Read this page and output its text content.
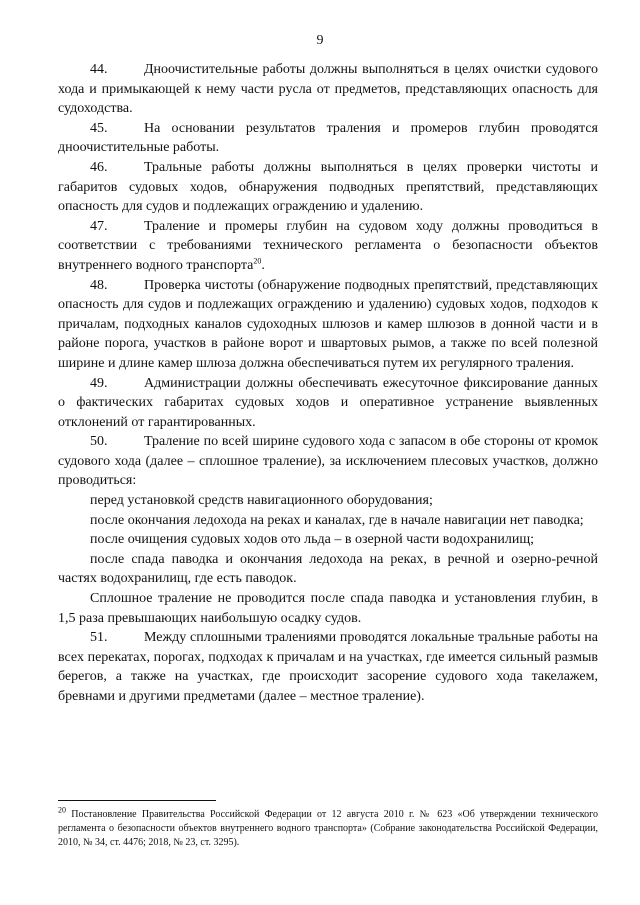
9

44.	Дноочистительные работы должны выполняться в целях очистки судового хода и примыкающей к нему части русла от предметов, представляющих опасность для судоходства.

45.	На основании результатов траления и промеров глубин проводятся дноочистительные работы.

46.	Тральные работы должны выполняться в целях проверки чистоты и габаритов судовых ходов, обнаружения подводных препятствий, представляющих опасность для судов и подлежащих ограждению и удалению.

47.	Траление и промеры глубин на судовом ходу должны проводиться в соответствии с требованиями технического регламента о безопасности объектов внутреннего водного транспорта$^{20}$.

48.	Проверка чистоты (обнаружение подводных препятствий, представляющих опасность для судов и подлежащих ограждению и удалению) судовых ходов, подходов к причалам, подходных каналов судоходных шлюзов и камер шлюзов в донной части и в районе порога, участков в районе ворот и швартовых рымов, а также по всей полезной ширине и длине камер шлюза должна обеспечиваться путем их регулярного траления.

49.	Администрации должны обеспечивать ежесуточное фиксирование данных о фактических габаритах судовых ходов и оперативное устранение выявленных отклонений от гарантированных.

50.	Траление по всей ширине судового хода с запасом в обе стороны от кромок судового хода (далее – сплошное траление), за исключением плесовых участков, должно проводиться:

перед установкой средств навигационного оборудования;

после окончания ледохода на реках и каналах, где в начале навигации нет паводка;

после очищения судовых ходов ото льда – в озерной части водохранилищ;

после спада паводка и окончания ледохода на реках, в речной и озерно-речной частях водохранилищ, где есть паводок.

Сплошное траление не проводится после спада паводка и установления глубин, в 1,5 раза превышающих наибольшую осадку судов.

51.	Между сплошными тралениями проводятся локальные тральные работы на всех перекатах, порогах, подходах к причалам и на участках, где имеется сильный размыв берегов, а также на участках, где происходит засорение судового хода такелажем, бревнами и другими предметами (далее – местное траление).

$^{20}$ Постановление Правительства Российской Федерации от 12 августа 2010 г. № 623 «Об утверждении технического регламента о безопасности объектов внутреннего водного транспорта» (Собрание законодательства Российской Федерации, 2010, № 34, ст. 4476; 2018, № 23, ст. 3295).
